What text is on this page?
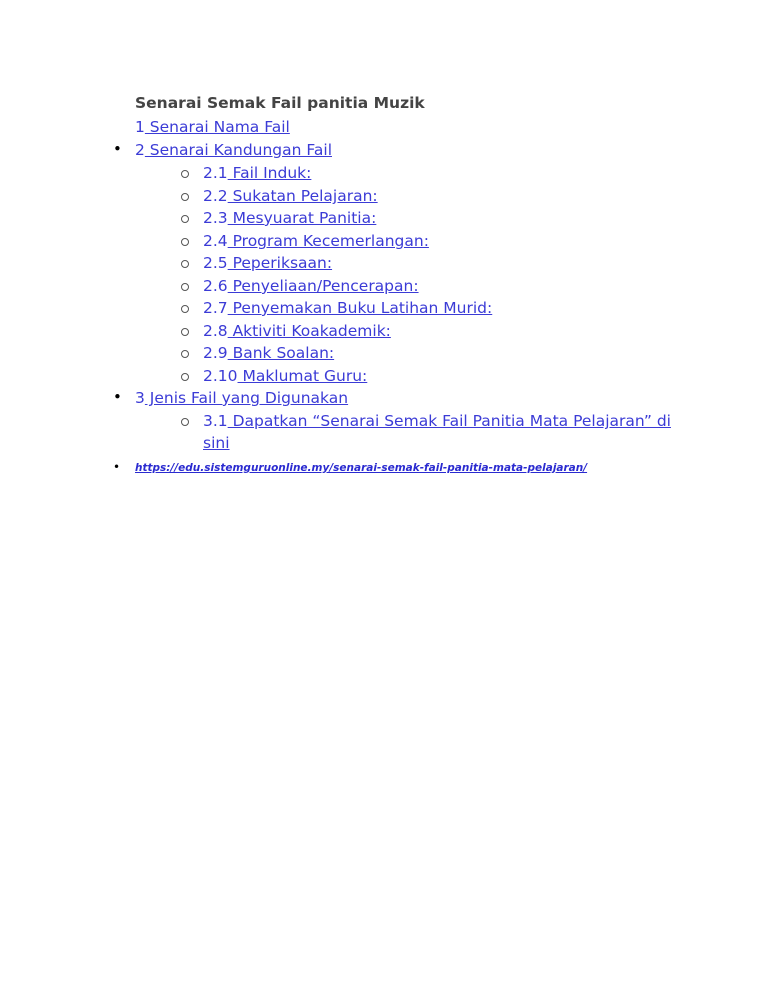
Senarai Semak Fail panitia Muzik
1 Senarai Nama Fail
• 2 Senarai Kandungan Fail
2.1 Fail Induk:
2.2 Sukatan Pelajaran:
2.3 Mesyuarat Panitia:
2.4 Program Kecemerlangan:
2.5 Peperiksaan:
2.6 Penyeliaan/Pencerapan:
2.7 Penyemakan Buku Latihan Murid:
2.8 Aktiviti Koakademik:
2.9 Bank Soalan:
2.10 Maklumat Guru:
• 3 Jenis Fail yang Digunakan
3.1 Dapatkan “Senarai Semak Fail Panitia Mata Pelajaran” di
sini
• https://edu.sistemguruonline.my/senarai-semak-fail-panitia-mata-pelajaran/
